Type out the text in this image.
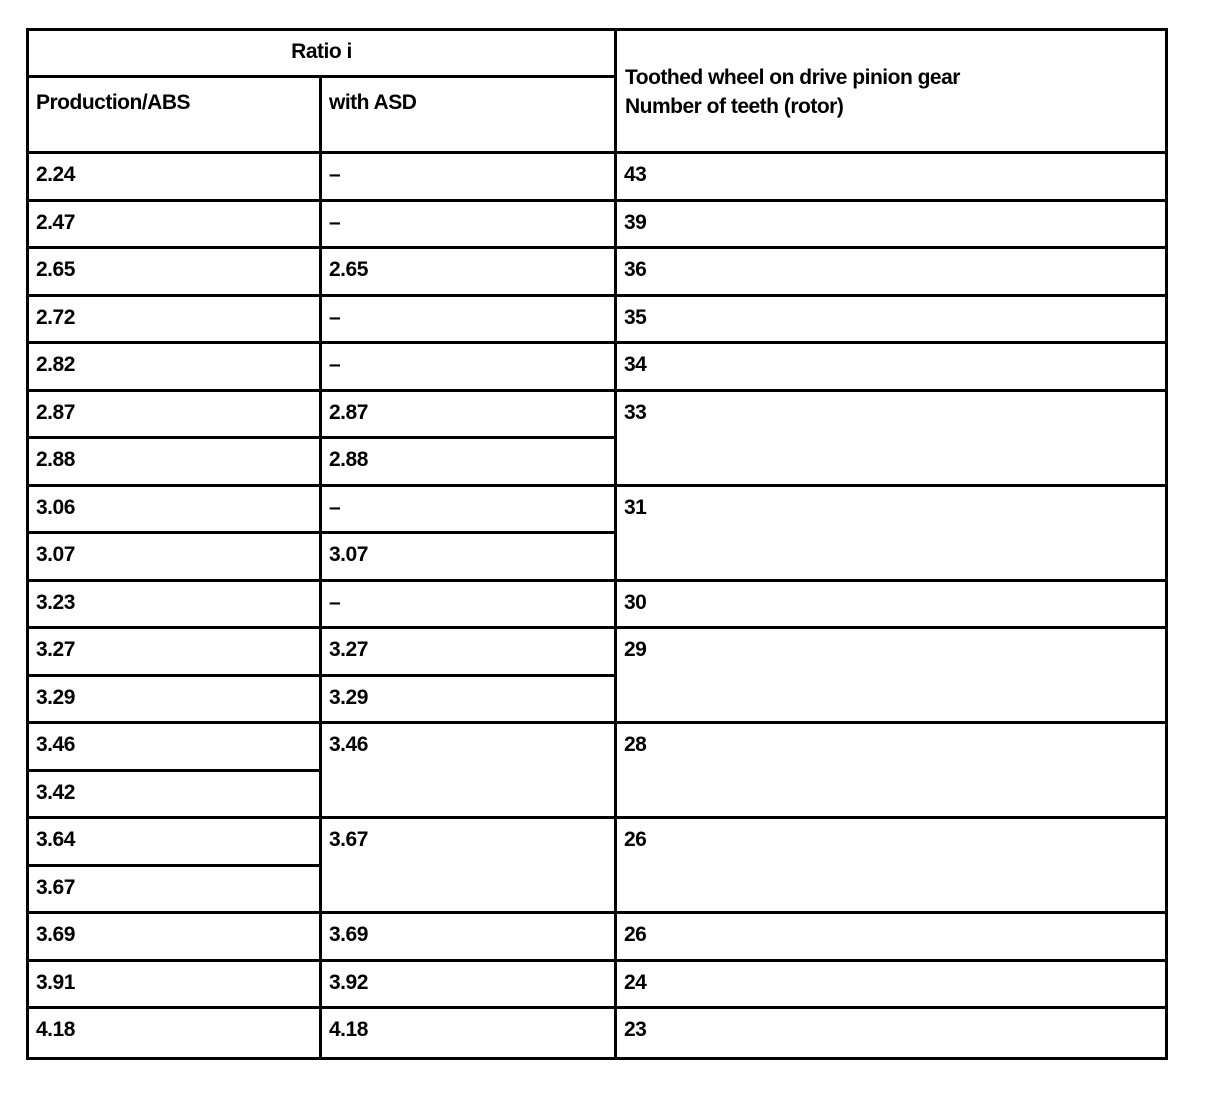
Ratio i
Toothed wheel on drive pinion gear
Number of teeth (rotor)
Production/ABS	with ASD
2.24
2.47
2.65
2.72
2.82
2.87
2.88
3.06
3.07
3.23
3.27
3.29
3.46
3.42
3.64
3.67
3.69
3.91
4.18
–
–
2.65
–
–
2.87
2.88
–
3.07
–
3.27
3.29
3.46
3.67
3.69
3.92
4.18
43
39
36
35
34
33
31
30
29
28
26
26
24
23
